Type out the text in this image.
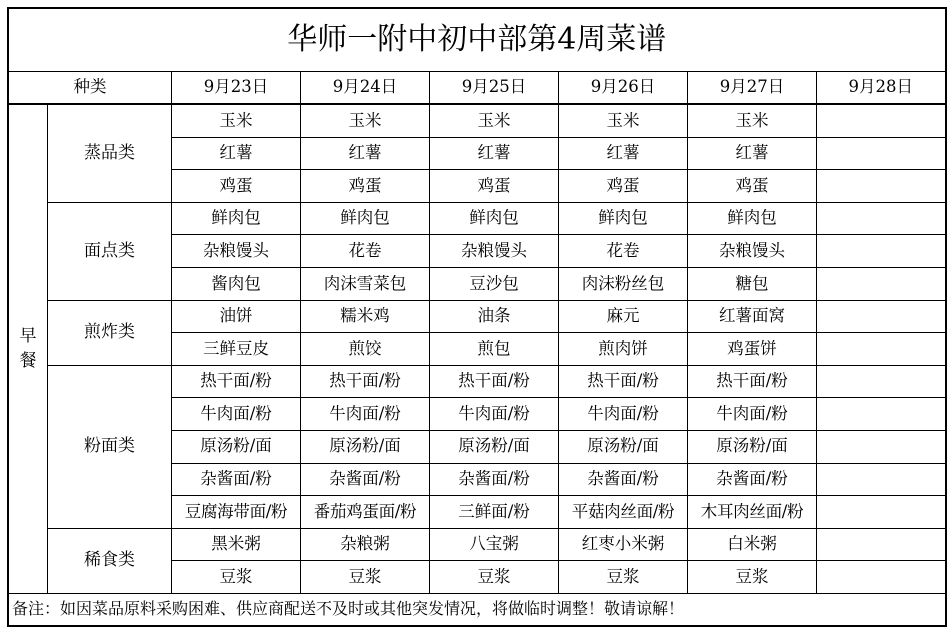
华师一附中初中部第4周菜谱							
种类		9月23日	9月24日	9月25日	9月26日	9月27日	9月28日
早
餐	蒸品类	玉米	玉米	玉米	玉米	玉米	
		红薯	红薯	红薯	红薯	红薯	
		鸡蛋	鸡蛋	鸡蛋	鸡蛋	鸡蛋	
	面点类	鲜肉包	鲜肉包	鲜肉包	鲜肉包	鲜肉包	
		杂粮馒头	花卷	杂粮馒头	花卷	杂粮馒头	
		酱肉包	肉沫雪菜包	豆沙包	肉沫粉丝包	糖包	
	煎炸类	油饼	糯米鸡	油条	麻元	红薯面窝	
		三鲜豆皮	煎饺	煎包	煎肉饼	鸡蛋饼	
	粉面类	热干面/粉	热干面/粉	热干面/粉	热干面/粉	热干面/粉	
		牛肉面/粉	牛肉面/粉	牛肉面/粉	牛肉面/粉	牛肉面/粉	
		原汤粉/面	原汤粉/面	原汤粉/面	原汤粉/面	原汤粉/面	
		杂酱面/粉	杂酱面/粉	杂酱面/粉	杂酱面/粉	杂酱面/粉	
		豆腐海带面/粉	番茄鸡蛋面/粉	三鲜面/粉	平菇肉丝面/粉	木耳肉丝面/粉	
	稀食类	黑米粥	杂粮粥	八宝粥	红枣小米粥	白米粥	
		豆浆	豆浆	豆浆	豆浆	豆浆	
备注：如因菜品原料采购困难、供应商配送不及时或其他突发情况，将做临时调整！敬请谅解！							
